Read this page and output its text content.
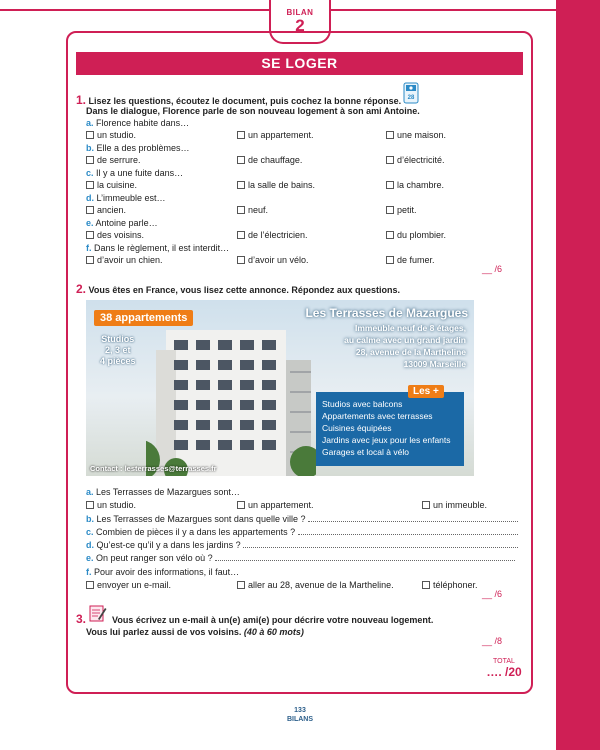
BILAN
2
SE LOGER
1. Lisez les questions, écoutez le document, puis cochez la bonne réponse.
Dans le dialogue, Florence parle de son nouveau logement à son ami Antoine.
28
a. Florence habite dans…
un studio.	un appartement.	une maison.
b. Elle a des problèmes…
de serrure.	de chauffage.	d’électricité.
c. Il y a une fuite dans…
la cuisine.	la salle de bains.	la chambre.
d. L’immeuble est…
ancien.	neuf.	petit.
e. Antoine parle…
des voisins.	de l’électricien.	du plombier.
f. Dans le règlement, il est interdit…
d’avoir un chien.	d’avoir un vélo.	de fumer.
__ /6
2. Vous êtes en France, vous lisez cette annonce. Répondez aux questions.
38 appartements
Studios
2, 3 et
4 pièces
Les Terrasses de Mazargues
Immeuble neuf de 8 étages,
au calme avec un grand jardin
28, avenue de la Martheline
13009 Marseille
Les +
Studios avec balcons
Appartements avec terrasses
Cuisines équipées
Jardins avec jeux pour les enfants
Garages et local à vélo
Contact : lesterrasses@terrasses.fr
a. Les Terrasses de Mazargues sont…
un studio.	un appartement.	un immeuble.
b. Les Terrasses de Mazargues sont dans quelle ville ?
c. Combien de pièces il y a dans les appartements ?
d. Qu’est-ce qu’il y a dans les jardins ?
e. On peut ranger son vélo où ?
f. Pour avoir des informations, il faut…
envoyer un e-mail.	aller au 28, avenue de la Martheline.	téléphoner.
__ /6
3.	Vous écrivez un e-mail à un(e) ami(e) pour décrire votre nouveau logement.
Vous lui parlez aussi de vos voisins. (40 à 60 mots)
__ /8
TOTAL
…. /20
133
BILANS
